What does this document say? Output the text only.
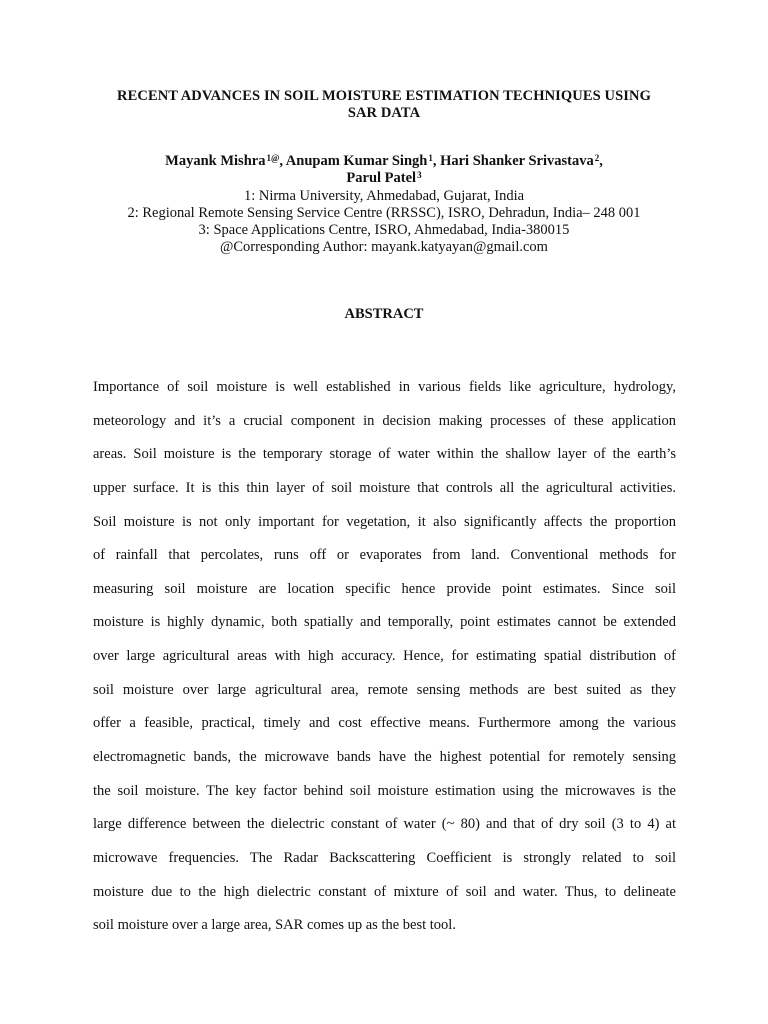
RECENT ADVANCES IN SOIL MOISTURE ESTIMATION TECHNIQUES USING
SAR DATA
Mayank Mishra$^{1@}$, Anupam Kumar Singh$^1$, Hari Shanker Srivastava$^2$,
Parul Patel$^3$
1: Nirma University, Ahmedabad, Gujarat, India
2: Regional Remote Sensing Service Centre (RRSSC), ISRO, Dehradun, India– 248 001
3: Space Applications Centre, ISRO, Ahmedabad, India-380015
@Corresponding Author: mayank.katyayan@gmail.com
ABSTRACT
Importance of soil moisture is well established in various fields like agriculture, hydrology,
meteorology and it’s a crucial component in decision making processes of these application
areas. Soil moisture is the temporary storage of water within the shallow layer of the earth’s
upper surface. It is this thin layer of soil moisture that controls all the agricultural activities.
Soil moisture is not only important for vegetation, it also significantly affects the proportion
of rainfall that percolates, runs off or evaporates from land. Conventional methods for
measuring soil moisture are location specific hence provide point estimates. Since soil
moisture is highly dynamic, both spatially and temporally, point estimates cannot be extended
over large agricultural areas with high accuracy. Hence, for estimating spatial distribution of
soil moisture over large agricultural area, remote sensing methods are best suited as they
offer a feasible, practical, timely and cost effective means. Furthermore among the various
electromagnetic bands, the microwave bands have the highest potential for remotely sensing
the soil moisture. The key factor behind soil moisture estimation using the microwaves is the
large difference between the dielectric constant of water (~ 80) and that of dry soil (3 to 4) at
microwave frequencies. The Radar Backscattering Coefficient is strongly related to soil
moisture due to the high dielectric constant of mixture of soil and water. Thus, to delineate
soil moisture over a large area, SAR comes up as the best tool.
